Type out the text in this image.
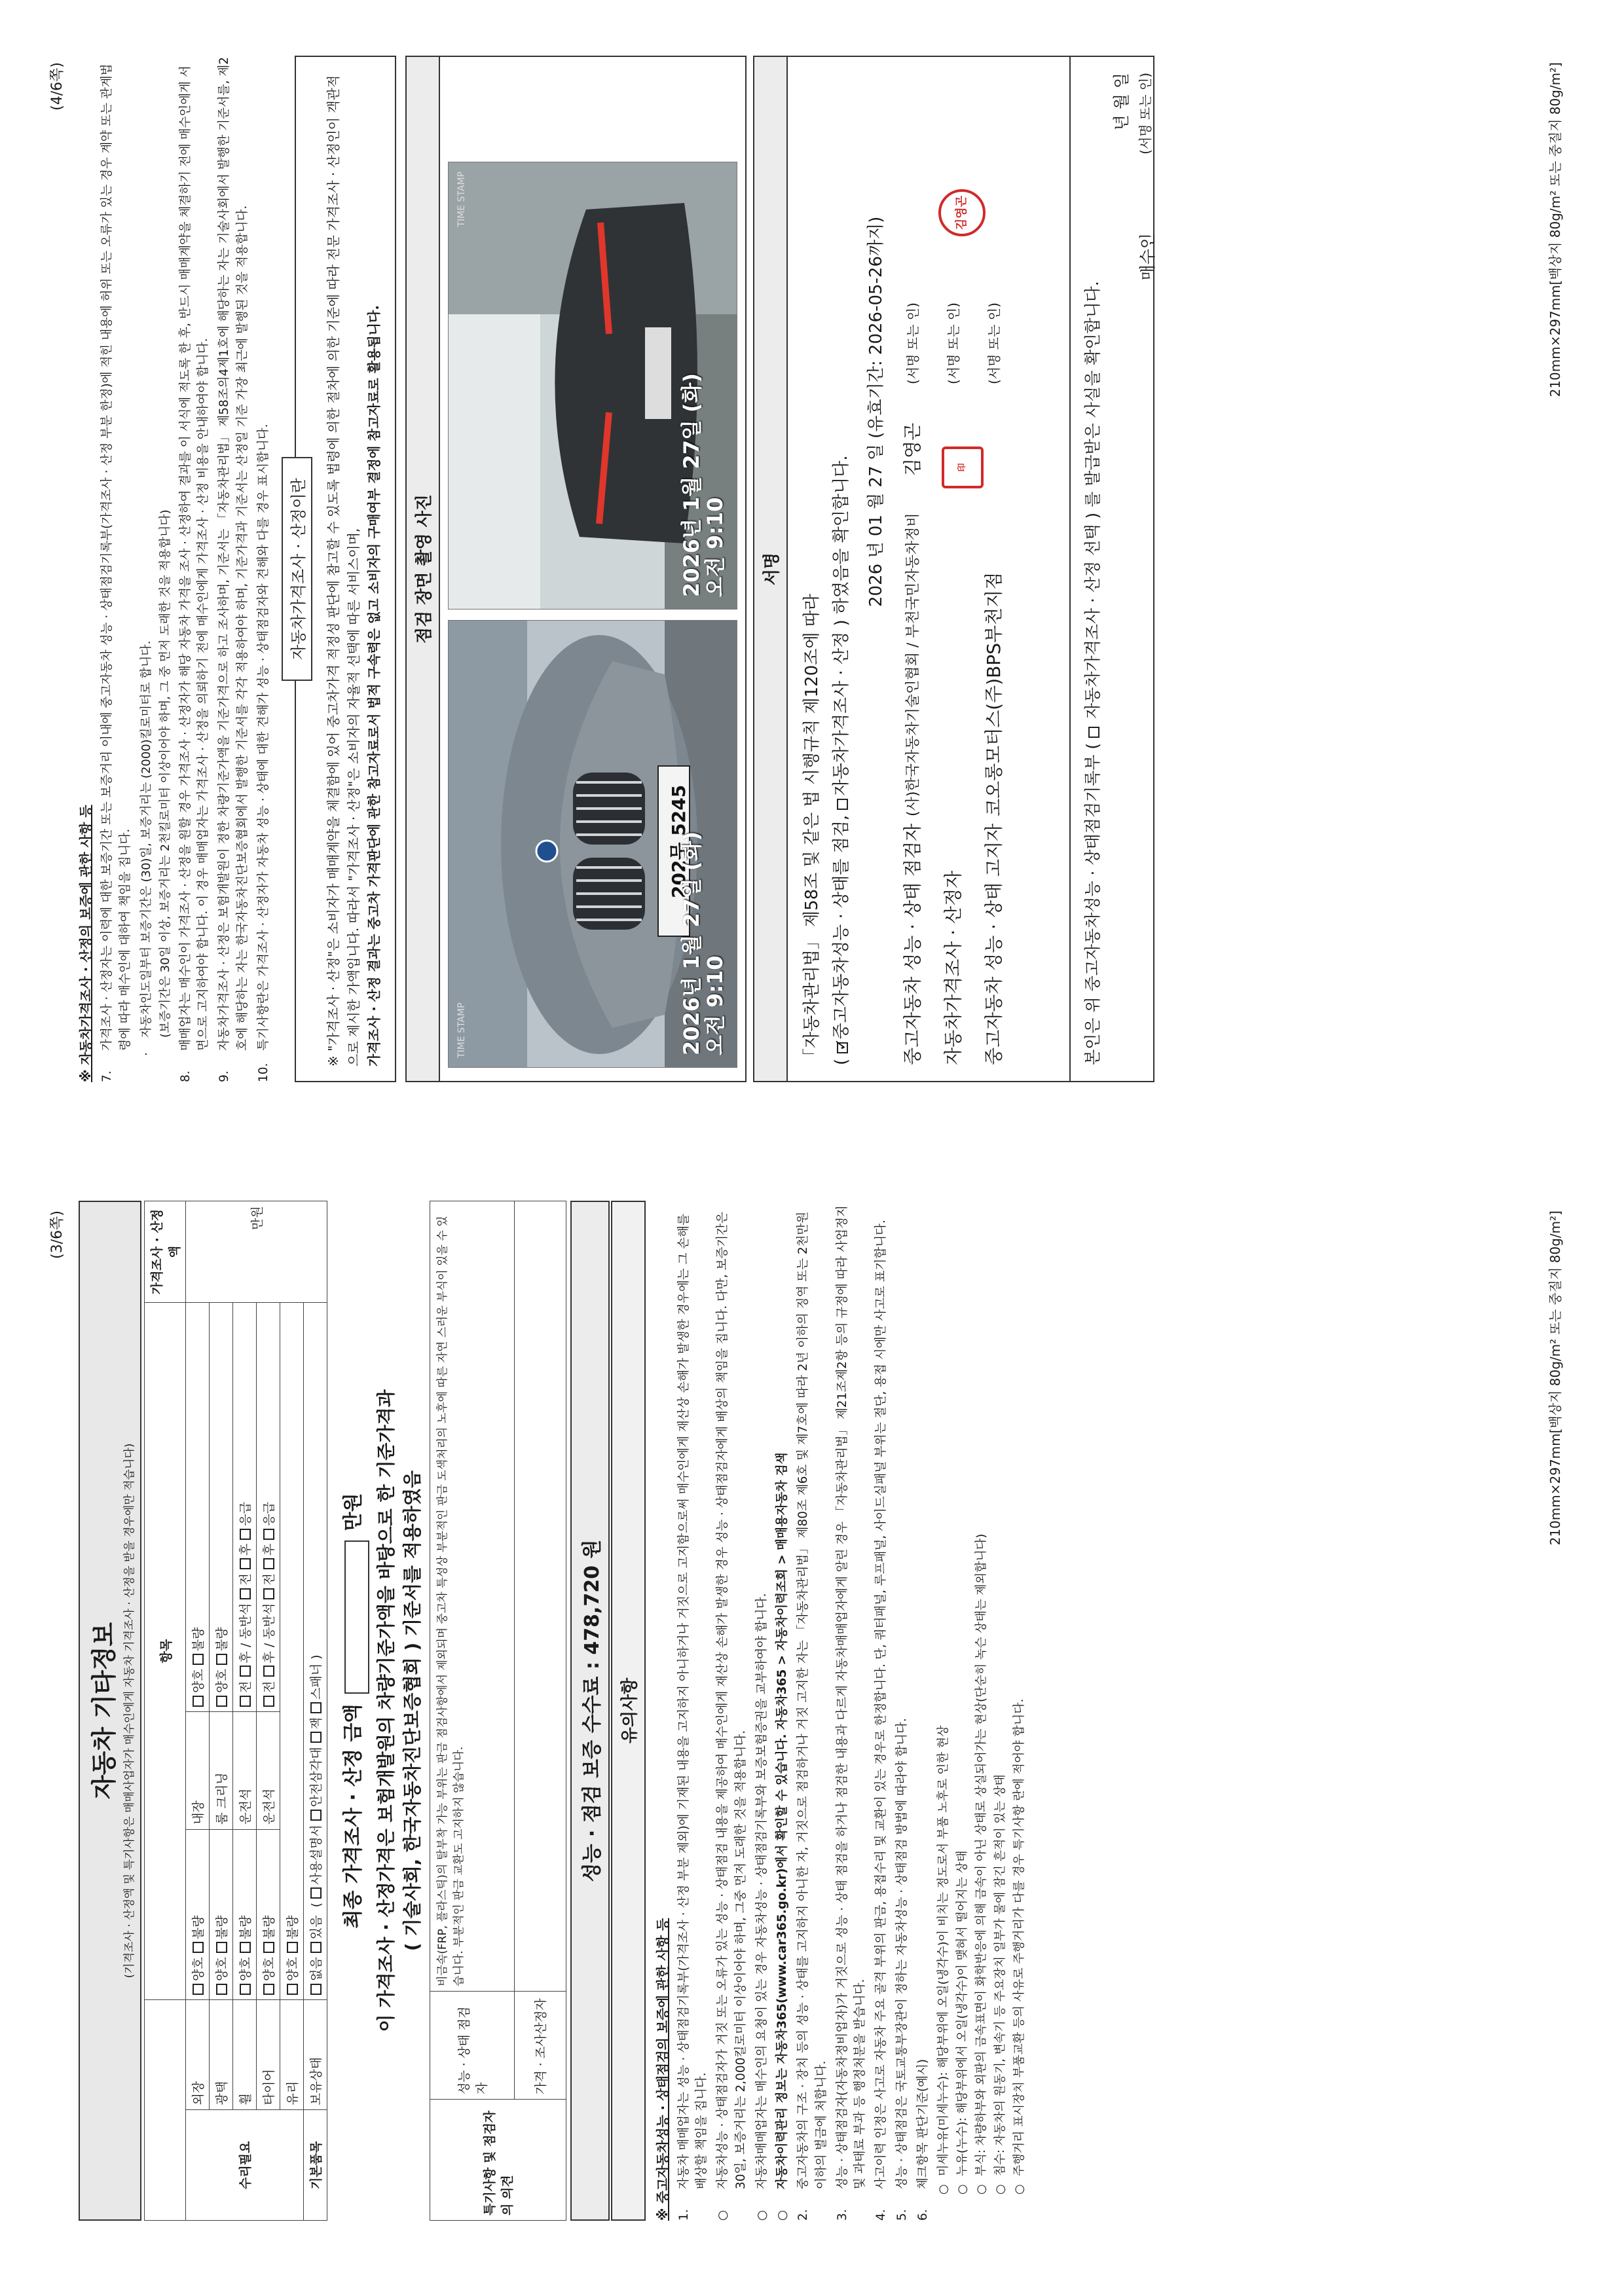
(3/6쪽)
자동차 기타정보 (기격조사 · 산정액 및 특기사항은 매매사업자가 매수인에게 자동차 기격조사 · 산정을 받을 경우에만 적습니다)
		항목			가격조사 · 산정액
수리필요	외장	양호 불량	내장	양호 불량	만원
	광택	양호 불량	룸 크리닝	양호 불량	
	휠	양호 불량	운전석	전 후 / 동반석 전 후 응급	
	타이어	양호 불량	운전석	전 후 / 동반석 전 후 응급	
	유리	양호 불량			
기본품목	보유상태	없음 있음  ( 사용설명서 안전삼각대 잭 스패너 )			
최종 가격조사 · 산정 금액  만원 이 가격조사 · 산정가격은 보험개발원의 차량기준가액을 바탕으로 한 기준가격과 ( 기술사회, 한국자동차진단보증협회 ) 기준서를 적용하였음
특기사항 및 점검자의 의견	성능 · 상태 점검자	비금속(FRP, 플라스틱)의 탈부착 가능 부위는 판금 점검사항에서 제외되며 중고차 특성상 부분적인 판금 도색처리의 노후에 따른 자연 스러운 부식이 있을 수 있습니다. 부분적인 판금 교환도 고지하지 않습니다.
	가격 · 조사산정자	
성능 · 점검 보증 수수료 : 478,720 원 유의사항
※ 중고자동차성능 · 상태점검의 보증에 관한 사항 등 1.
자동차 매매업자는 성능 · 상태점검기록부(가격조사 · 산정 부분 제외)에 기재된 내용을 고지하지 아니하거나 거짓으로 고지함으로써 매수인에게 재산상 손해가 발생한 경우에는 그 손해를 배상할 책임을 집니다.
○
자동차성능 · 상태점검자가 거짓 또는 오류가 있는 성능 · 상태점검 내용을 제공하여 매수인에게 재산상 손해가 발생한 경우 성능 · 상태점검자에게 배상의 책임을 집니다. 다만, 보증기간은 30일, 보증거리는 2,000킬로미터 이상이어야 하며, 그중 먼저 도래한 것을 적용합니다.
○
자동차매매업자는 매수인의 요청이 있는 경우 자동차성능 · 상태점검기록부와 보증보험증권을 교부하여야 합니다.
○
자동차이력관리 정보는 자동차365(www.car365.go.kr)에서 확인할 수 있습니다. 자동차365 > 자동차이력조회 > 매매용자동차 검색
2.
중고자동차의 구조 · 장치 등의 성능 · 상태를 고지하지 아니한 자, 거짓으로 점검하거나 거짓 고지한 자는 「자동차관리법」 제80조 제6호 및 제7호에 따라 2년 이하의 징역 또는 2천만원 이하의 벌금에 처합니다.
3.
성능 · 상태점검자(자동차정비업자)가 거짓으로 성능 · 상태 점검을 하거나 점검한 내용과 다르게 자동차매매업자에게 알린 경우 「자동차관리법」 제21조제2항 등의 규정에 따라 사업정지 및 과태료 부과 등 행정처분을 받습니다.
4.
사고이력 인정은 사고로 자동차 주요 골격 부위의 판금, 용접수리 및 교환이 있는 경우로 한정합니다. 단, 쿼터패널, 루프패널, 사이드실패널 부위는 절단, 용접 시에만 사고로 표기합니다.
5.
성능 · 상태점검은 국토교통부장관이 정하는 자동차성능 · 상태점검 방법에 따라야 합니다.
6.
체크항목 판단기준(예시)
○
미세누유(미세누수): 해당부위에 오일(냉각수)이 비치는 정도로서 부품 노후로 인한 현상
○
누유(누수): 해당부위에서 오일(냉각수)이 맺혀서 떨어지는 상태
○
부식: 차량하부와 외판의 금속표면이 화학반응에 의해 금속이 아닌 상태로 상실되어가는 현상(단순히 녹슨 상태는 제외합니다)
○
침수: 자동차의 원동기, 변속기 등 주요장치 일부가 물에 잠긴 흔적이 있는 상태
○
주행거리 표시장치 부품교환 등의 사유로 주행거리가 다를 경우 특기사항 란에 적어야 합니다.
210mm×297mm[백상지 80g/m² 또는 중질지 80g/m²]
(4/6쪽)
※ 자동차가격조사 · 산정의 보증에 관한 사항 등 7.
가격조사 · 산정자는 이력에 대한 보증기간 또는 보증거리 이내에 중고자동차 성능 · 상태점검기록부(가격조사 · 산정 부분 한정)에 적힌 내용에 허위 또는 오류가 있는 경우 계약 또는 관계법령에 따라 매수인에 대하여 책임을 집니다.
·
자동차인도일부터 보증기간은 (30)일, 보증거리는 (2000)킬로미터로 합니다. (보증기간은 30일 이상, 보증거리는 2천킬로미터 이상이어야 하며, 그 중 먼저 도래한 것을 적용합니다)
8.
매매업자는 매수인이 가격조사 · 산정을 원할 경우 가격조사 · 산정자가 해당 자동차 가격을 조사 · 산정하여 결과를 이 서식에 적도록 한 후, 반드시 매매계약을 체결하기 전에 매수인에게 서면으로 고지하여야 합니다. 이 경우 매매업자는 가격조사 · 산정을 의뢰하기 전에 매수인에게 가격조사 · 산정 비용을 안내하여야 합니다.
9.
자동차가격조사 · 산정은 보험개발원이 정한 차량기준가액을 기준가격으로 하고 조사하며, 기준서는 「자동차관리법」 제58조의4제1호에 해당하는 자는 기술사회에서 발행한 기준서를, 제2호에 해당하는 자는 한국자동차진단보증협회에서 발행한 기준서를 각각 적용하여야 하며, 기준가격과 기준서는 산정일 기준 가장 최근에 발행된 것을 적용합니다.
10.
특기사항란은 가격조사 · 산정자가 자동차 성능 · 상태에 대한 견해가 성능 · 상태점검자와 견해와 다를 경우 표시합니다.	자동차가격조사 · 산정이란	※ "가격조사 · 산정"은 소비자가 매매계약을 체결함에 있어 중고차가격 적정성 판단에 참고할 수 있도록 법령에 의한 절차에 의한 기준에 따라 전문 가격조사 · 산정인이 객관적으로 제시한 가액입니다. 따라서 "가격조사 · 산정"은 소비자의 자율적 선택에 따른 서비스이며, 가격조사 · 산정 결과는 중고차 가격판단에 관한 참고자료로서 법적 구속력은 없고 소비자의 구매여부 결정에 참고자료로 활용됩니다.	점검 장면 촬영 사진
202무 5245
2026년 1월 27일 (화)
오전 9:10
TIME STAMP
2026년 1월 27일 (화)
오전 9:10
TIME STAMP
서명
「자동차관리법」 제58조 및 같은 법 시행규칙 제120조에 따라 ( ✓중고자동차성능 · 상태를 점검, 자동차가격조사 · 산정 ) 하였음을 확인합니다. 2026 년 01 월 27 일 (유효기간: 2026-05-26까지)
중고자동차 성능 · 상태 점검자
(사)한국자동차기술인협회 / 부천국민자동차정비
김영곤
(서명 또는 인)
자동차가격조사 · 산정자
(서명 또는 인)
중고자동차 성능 · 상태 고지자
코오롱모터스(주)BPS부천지점
(서명 또는 인)
印
김영곤
본인은 위 중고자동차성능 · 상태점검기록부 (  자동차가격조사 · 산정 선택 ) 를 발급받은 사실을 확인합니다.
년 월 일
매수인
(서명 또는 인)	210mm×297mm[백상지 80g/m² 또는 중질지 80g/m²]
